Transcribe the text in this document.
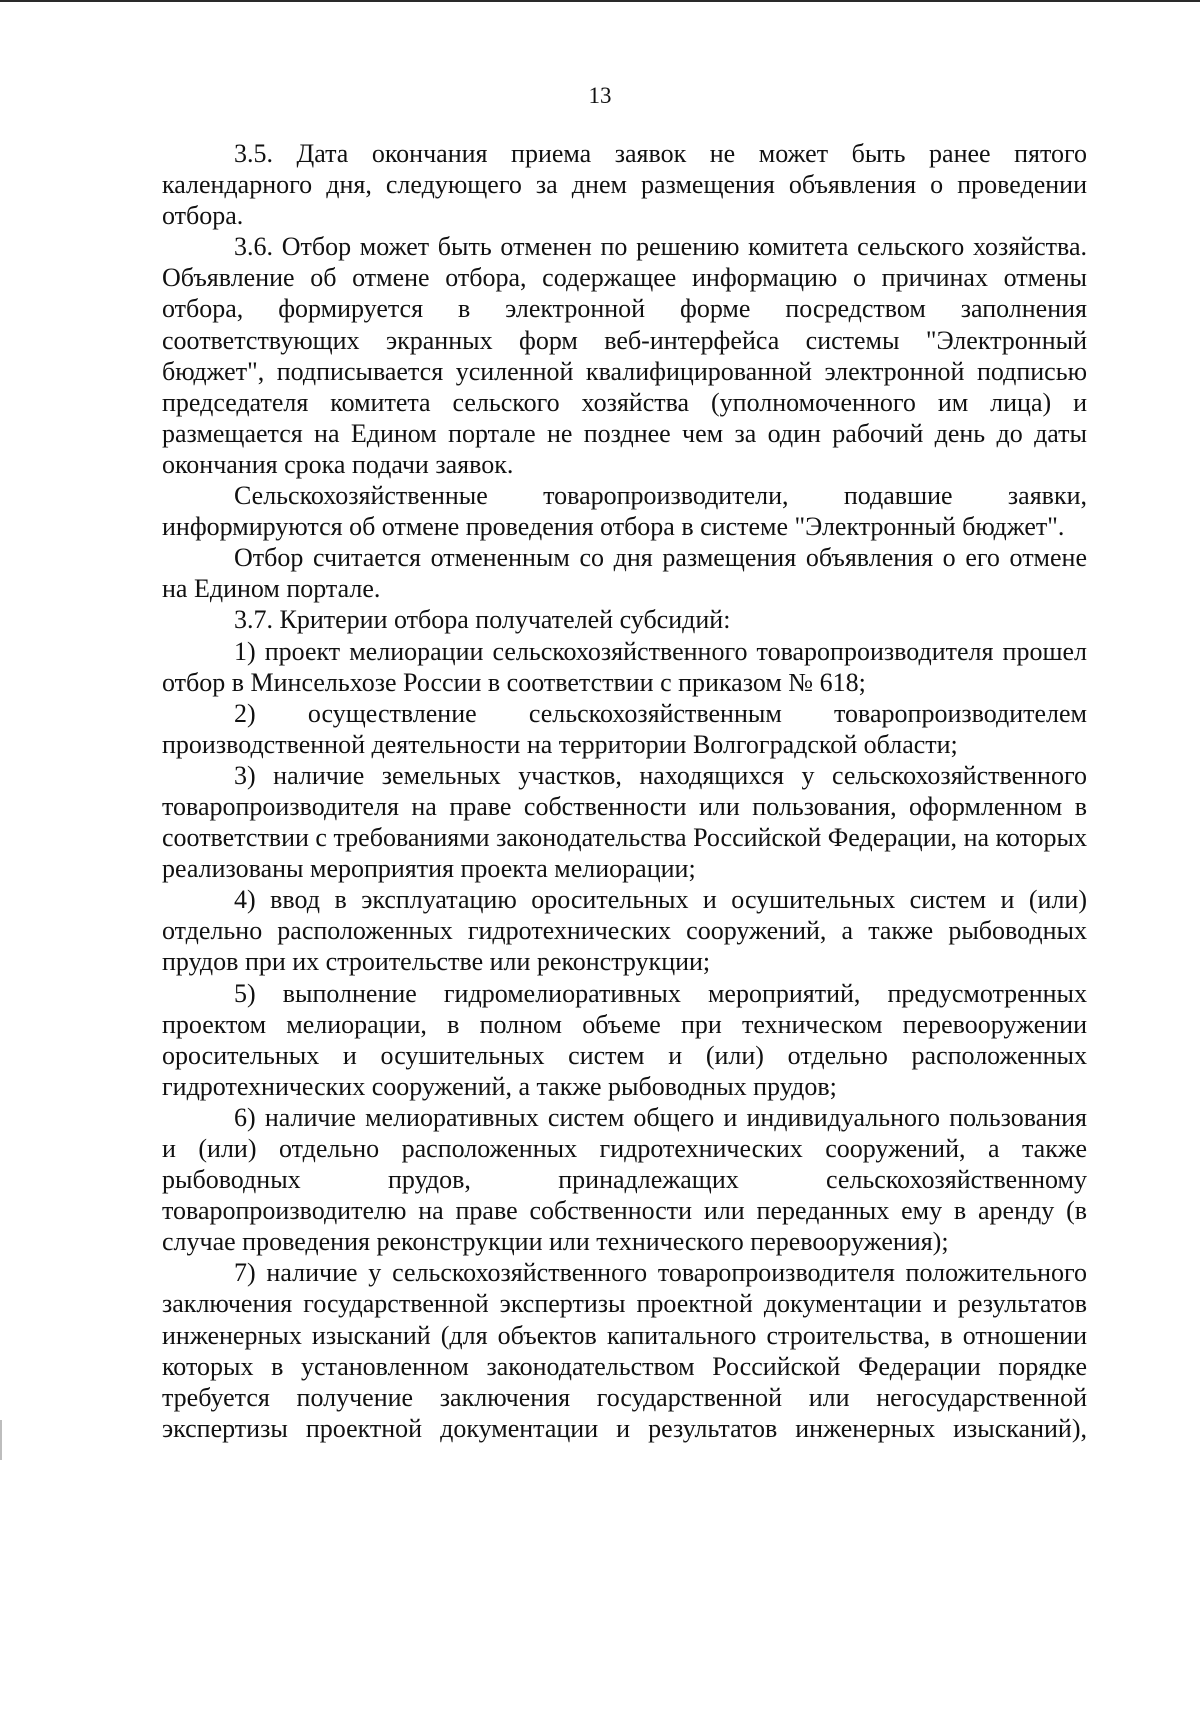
13

3.5. Дата окончания приема заявок не может быть ранее пятого календарного дня, следующего за днем размещения объявления о проведении отбора.

3.6. Отбор может быть отменен по решению комитета сельского хозяйства. Объявление об отмене отбора, содержащее информацию о причинах отмены отбора, формируется в электронной форме посредством заполнения соответствующих экранных форм веб-интерфейса системы "Электронный бюджет", подписывается усиленной квалифицированной электронной подписью председателя комитета сельского хозяйства (уполномоченного им лица) и размещается на Едином портале не позднее чем за один рабочий день до даты окончания срока подачи заявок.

Сельскохозяйственные товаропроизводители, подавшие заявки, информируются об отмене проведения отбора в системе "Электронный бюджет".

Отбор считается отмененным со дня размещения объявления о его отмене на Едином портале.

3.7. Критерии отбора получателей субсидий:

1) проект мелиорации сельскохозяйственного товаропроизводителя прошел отбор в Минсельхозе России в соответствии с приказом № 618;

2) осуществление сельскохозяйственным товаропроизводителем производственной деятельности на территории Волгоградской области;

3) наличие земельных участков, находящихся у сельскохозяйственного товаропроизводителя на праве собственности или пользования, оформленном в соответствии с требованиями законодательства Российской Федерации, на которых реализованы мероприятия проекта мелиорации;

4) ввод в эксплуатацию оросительных и осушительных систем и (или) отдельно расположенных гидротехнических сооружений, а также рыбоводных прудов при их строительстве или реконструкции;

5) выполнение гидромелиоративных мероприятий, предусмотренных проектом мелиорации, в полном объеме при техническом перевооружении оросительных и осушительных систем и (или) отдельно расположенных гидротехнических сооружений, а также рыбоводных прудов;

6) наличие мелиоративных систем общего и индивидуального пользования и (или) отдельно расположенных гидротехнических сооружений, а также рыбоводных прудов, принадлежащих сельскохозяйственному товаропроизводителю на праве собственности или переданных ему в аренду (в случае проведения реконструкции или технического перевооружения);

7) наличие у сельскохозяйственного товаропроизводителя положительного заключения государственной экспертизы проектной документации и результатов инженерных изысканий (для объектов капитального строительства, в отношении которых в установленном законодательством Российской Федерации порядке требуется получение заключения государственной или негосударственной экспертизы проектной документации и результатов инженерных изысканий),
